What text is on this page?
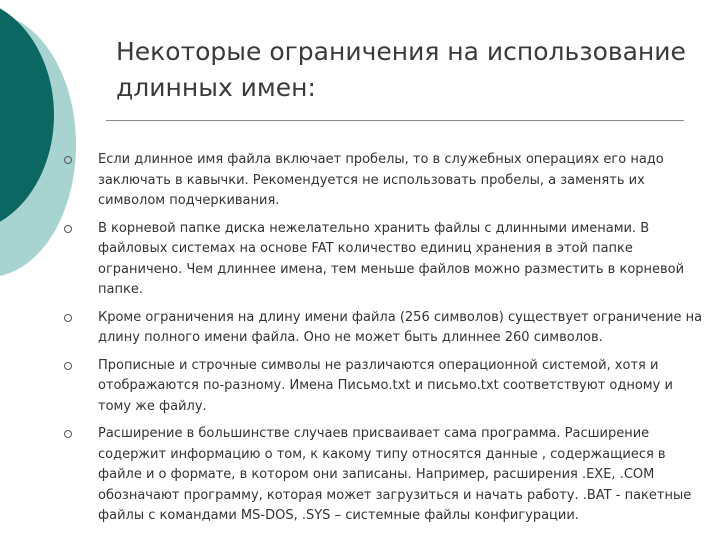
Некоторые ограничения на использование длинных имен:
Если длинное имя файла включает пробелы, то в служебных операциях его надо заключать в кавычки. Рекомендуется не использовать пробелы, а заменять их символом подчеркивания.
В корневой папке диска нежелательно хранить файлы с длинными именами. В файловых системах на основе FAT количество единиц хранения в этой папке ограничено. Чем длиннее имена, тем меньше файлов можно разместить в корневой папке.
Кроме ограничения на длину имени файла (256 символов) существует ограничение на длину полного имени файла. Оно не может быть длиннее 260 символов.
Прописные и строчные символы не различаются операционной системой, хотя и отображаются по-разному. Имена Письмо.txt и письмо.txt соответствуют одному и тому же файлу.
Расширение в большинстве случаев присваивает сама программа. Расширение содержит информацию о том, к какому типу относятся данные , содержащиеся в файле и о формате, в котором они записаны. Например, расширения .EXE, .COM обозначают программу, которая может загрузиться и начать работу. .BAT - пакетные файлы с командами MS-DOS, .SYS – системные файлы конфигурации.
